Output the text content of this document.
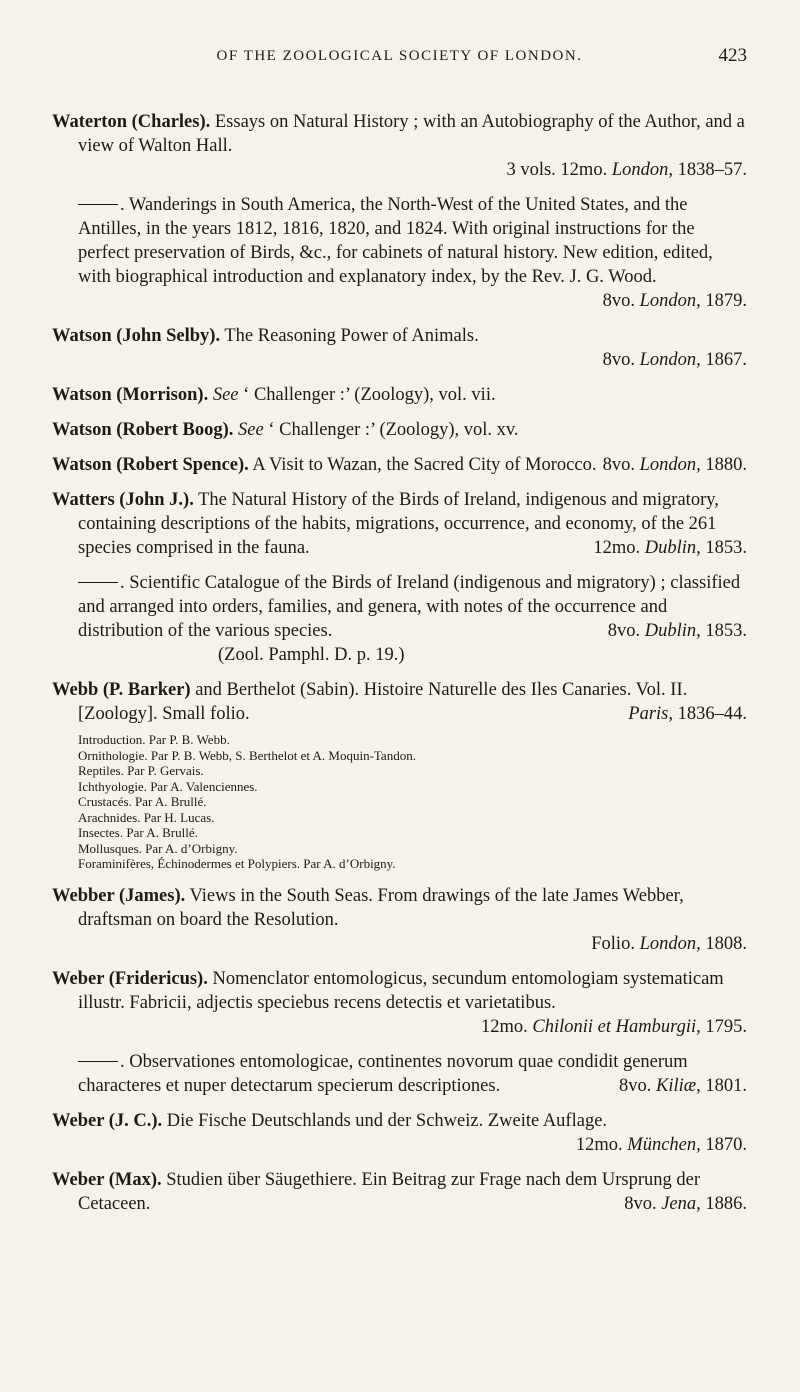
OF THE ZOOLOGICAL SOCIETY OF LONDON.	423
Waterton (Charles). Essays on Natural History ; with an Autobiography of the Author, and a view of Walton Hall.
3 vols. 12mo. London, 1838–57.
. Wanderings in South America, the North-West of the United States, and the Antilles, in the years 1812, 1816, 1820, and 1824. With original instructions for the perfect preservation of Birds, &c., for cabinets of natural history. New edition, edited, with biographical introduction and explanatory index, by the Rev. J. G. Wood.
8vo. London, 1879.
Watson (John Selby). The Reasoning Power of Animals.
8vo. London, 1867.
Watson (Morrison). See ‘ Challenger :’ (Zoology), vol. vii.
Watson (Robert Boog). See ‘ Challenger :’ (Zoology), vol. xv.
Watson (Robert Spence). A Visit to Wazan, the Sacred City of Morocco. 8vo. London, 1880.
Watters (John J.). The Natural History of the Birds of Ireland, indigenous and migratory, containing descriptions of the habits, migrations, occurrence, and economy, of the 261 species comprised in the fauna.	12mo. Dublin, 1853.
. Scientific Catalogue of the Birds of Ireland (indigenous and migratory) ; classified and arranged into orders, families, and genera, with notes of the occurrence and distribution of the various species.	8vo. Dublin, 1853.
(Zool. Pamphl. D. p. 19.)
Webb (P. Barker) and Berthelot (Sabin). Histoire Naturelle des Iles Canaries. Vol. II. [Zoology]. Small folio.	Paris, 1836–44.
Introduction. Par P. B. Webb.
Ornithologie. Par P. B. Webb, S. Berthelot et A. Moquin-Tandon.
Reptiles. Par P. Gervais.
Ichthyologie. Par A. Valenciennes.
Crustacés. Par A. Brullé.
Arachnides. Par H. Lucas.
Insectes. Par A. Brullé.
Mollusques. Par A. d’Orbigny.
Foraminifères, Échinodermes et Polypiers. Par A. d’Orbigny.
Webber (James). Views in the South Seas. From drawings of the late James Webber, draftsman on board the Resolution.
Folio. London, 1808.
Weber (Fridericus). Nomenclator entomologicus, secundum entomologiam systematicam illustr. Fabricii, adjectis speciebus recens detectis et varietatibus.
12mo. Chilonii et Hamburgii, 1795.
. Observationes entomologicae, continentes novorum quae condidit generum characteres et nuper detectarum specierum descriptiones.	8vo. Kiliæ, 1801.
Weber (J. C.). Die Fische Deutschlands und der Schweiz. Zweite Auflage.
12mo. München, 1870.
Weber (Max). Studien über Säugethiere. Ein Beitrag zur Frage nach dem Ursprung der Cetaceen.	8vo. Jena, 1886.
